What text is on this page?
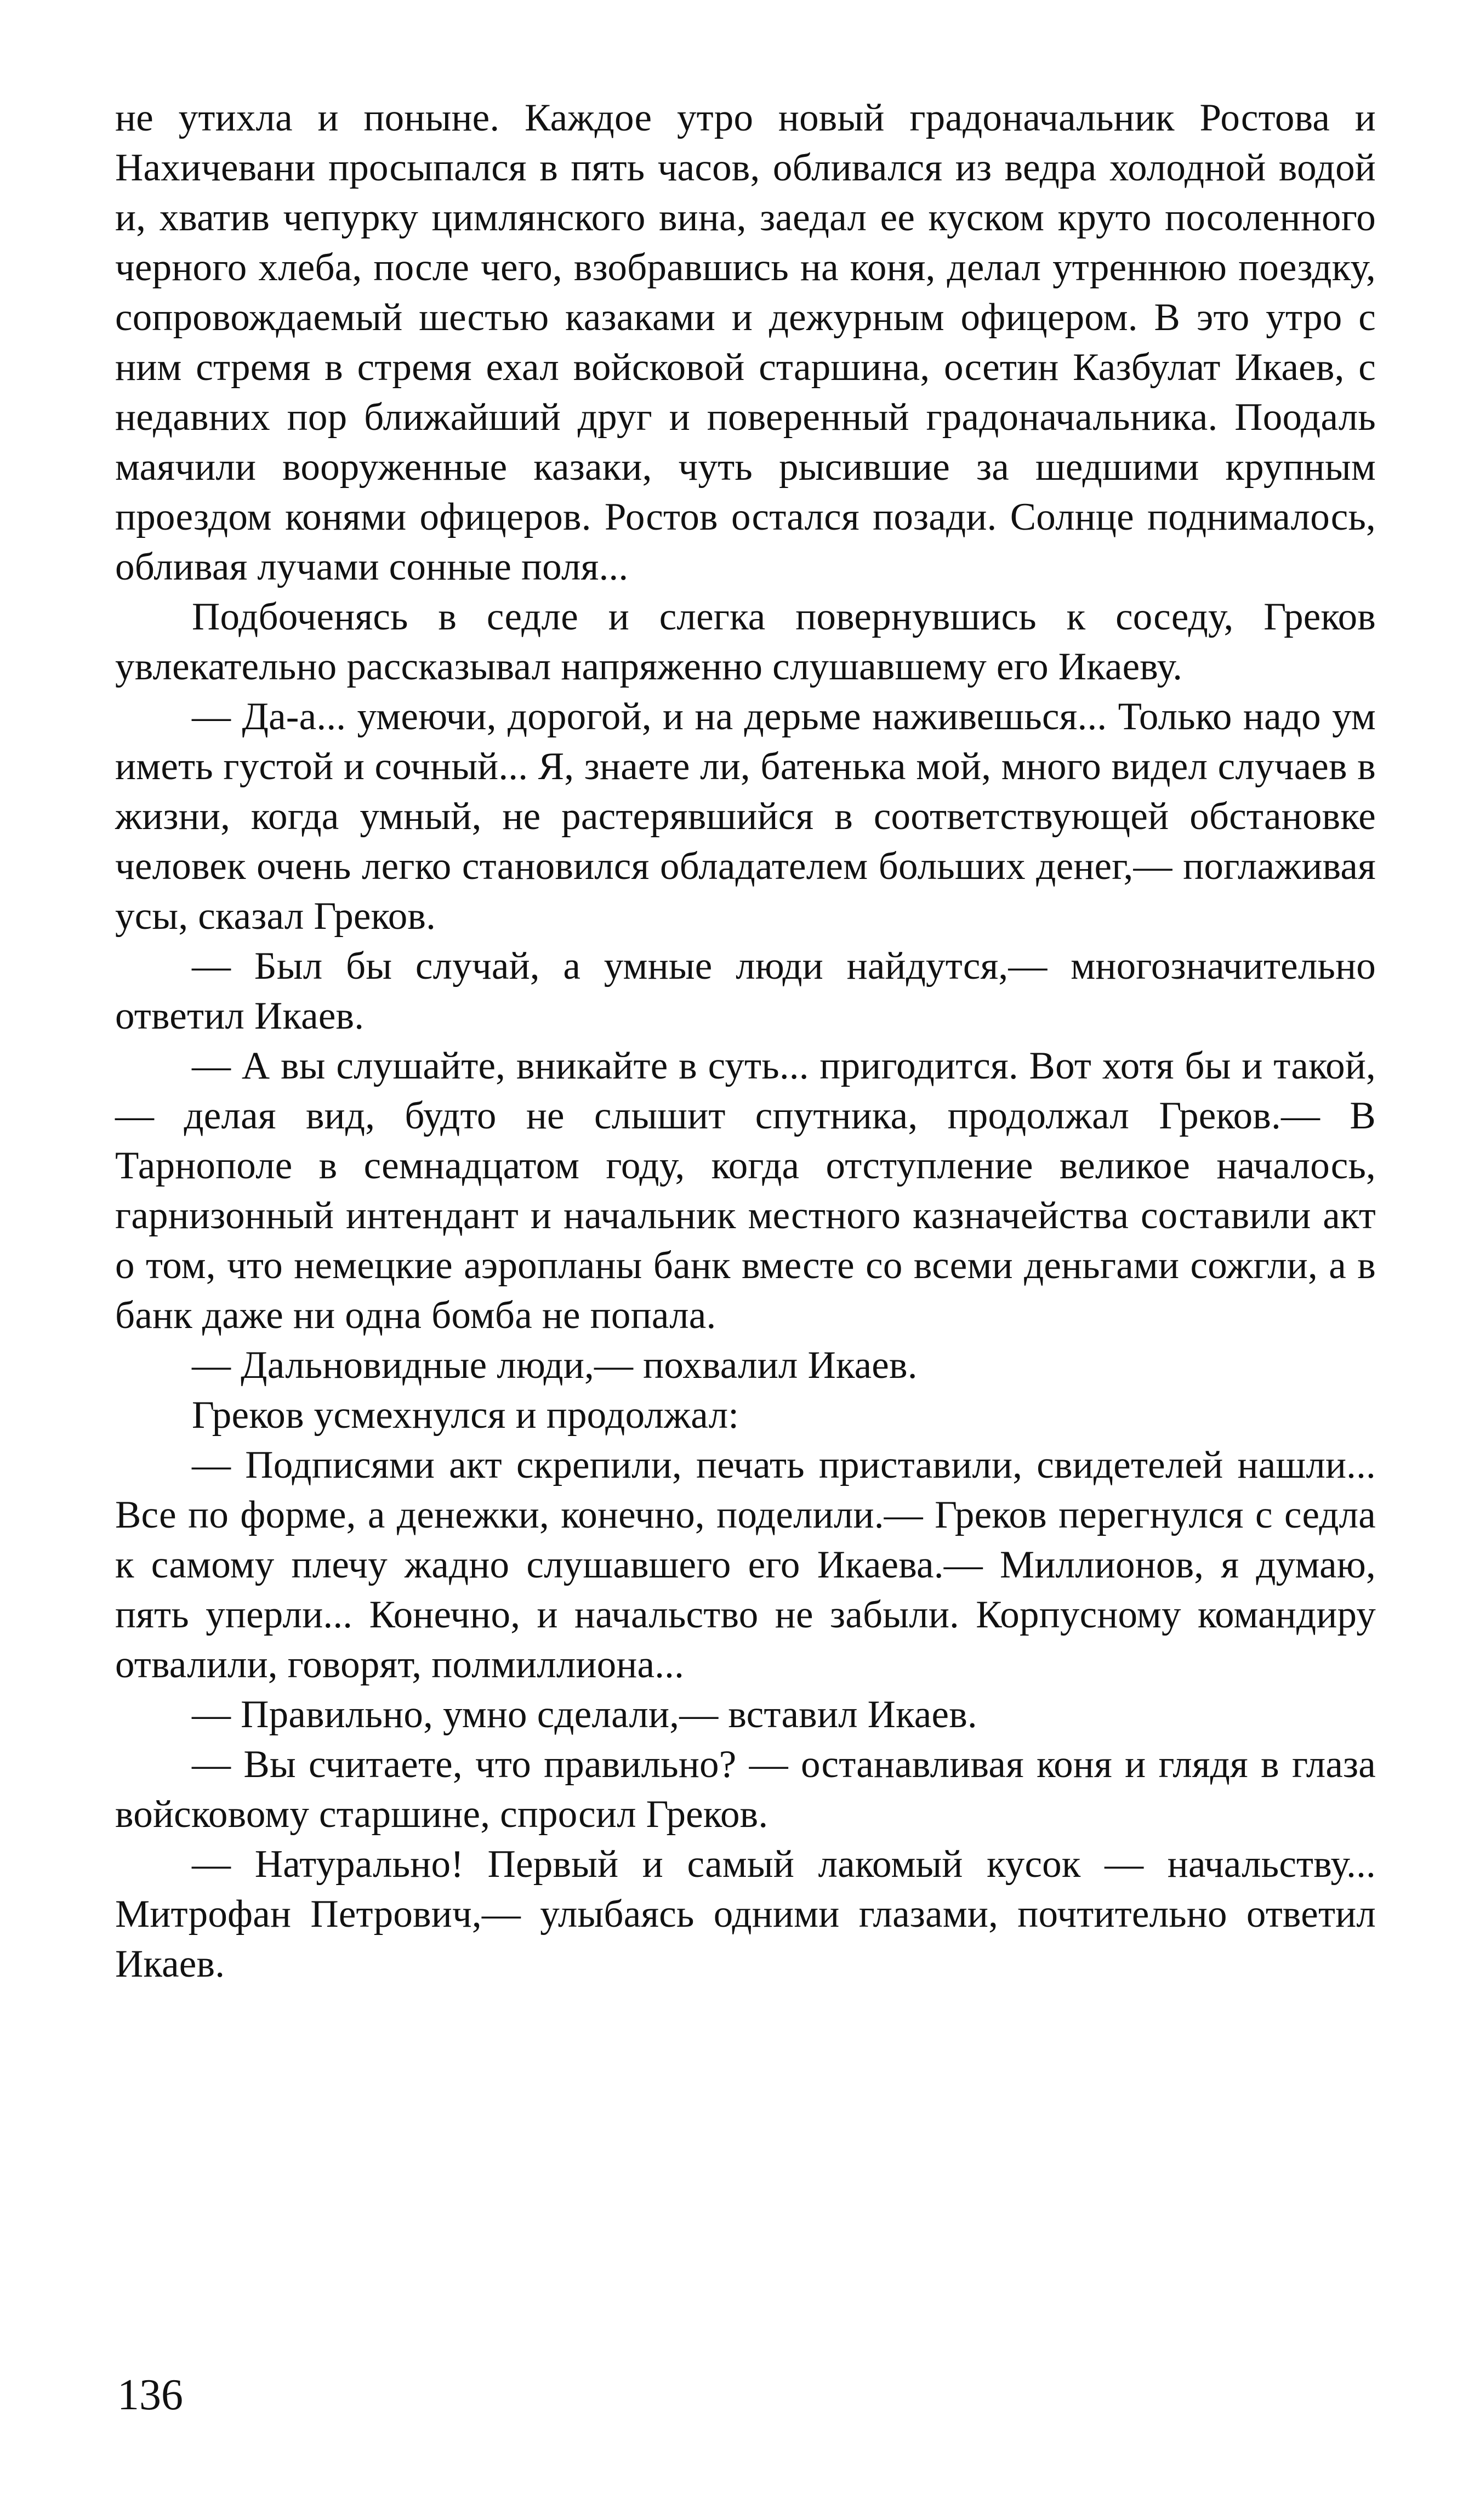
не утихла и поныне. Каждое утро новый градоначальник Ростова и Нахичевани просыпался в пять часов, обливался из ведра холодной водой и, хватив чепурку цимлянского вина, заедал ее куском круто посоленного черного хлеба, после чего, взобравшись на коня, делал утреннюю поездку, сопровождаемый шестью казаками и дежурным офицером. В это утро с ним стремя в стремя ехал войсковой старшина, осетин Казбулат Икаев, с недавних пор ближайший друг и поверенный градоначальника. Поодаль маячили вооруженные казаки, чуть рысившие за шедшими крупным проездом конями офицеров. Ростов остался позади. Солнце поднималось, обливая лучами сонные поля...

Подбоченясь в седле и слегка повернувшись к соседу, Греков увлекательно рассказывал напряженно слушавшему его Икаеву.

— Да-а... умеючи, дорогой, и на дерьме наживешься... Только надо ум иметь густой и сочный... Я, знаете ли, батенька мой, много видел случаев в жизни, когда умный, не растерявшийся в соответствующей обстановке человек очень легко становился обладателем больших денег,— поглаживая усы, сказал Греков.

— Был бы случай, а умные люди найдутся,— многозначительно ответил Икаев.

— А вы слушайте, вникайте в суть... пригодится. Вот хотя бы и такой,— делая вид, будто не слышит спутника, продолжал Греков.— В Тарнополе в семнадцатом году, когда отступление великое началось, гарнизонный интендант и начальник местного казначейства составили акт о том, что немецкие аэропланы банк вместе со всеми деньгами сожгли, а в банк даже ни одна бомба не попала.

— Дальновидные люди,— похвалил Икаев.

Греков усмехнулся и продолжал:

— Подписями акт скрепили, печать приставили, свидетелей нашли... Все по форме, а денежки, конечно, поделили.— Греков перегнулся с седла к самому плечу жадно слушавшего его Икаева.— Миллионов, я думаю, пять уперли... Конечно, и начальство не забыли. Корпусному командиру отвалили, говорят, полмиллиона...

— Правильно, умно сделали,— вставил Икаев.

— Вы считаете, что правильно? — останавливая коня и глядя в глаза войсковому старшине, спросил Греков.

— Натурально! Первый и самый лакомый кусок — начальству... Митрофан Петрович,— улыбаясь одними глазами, почтительно ответил Икаев.

136
